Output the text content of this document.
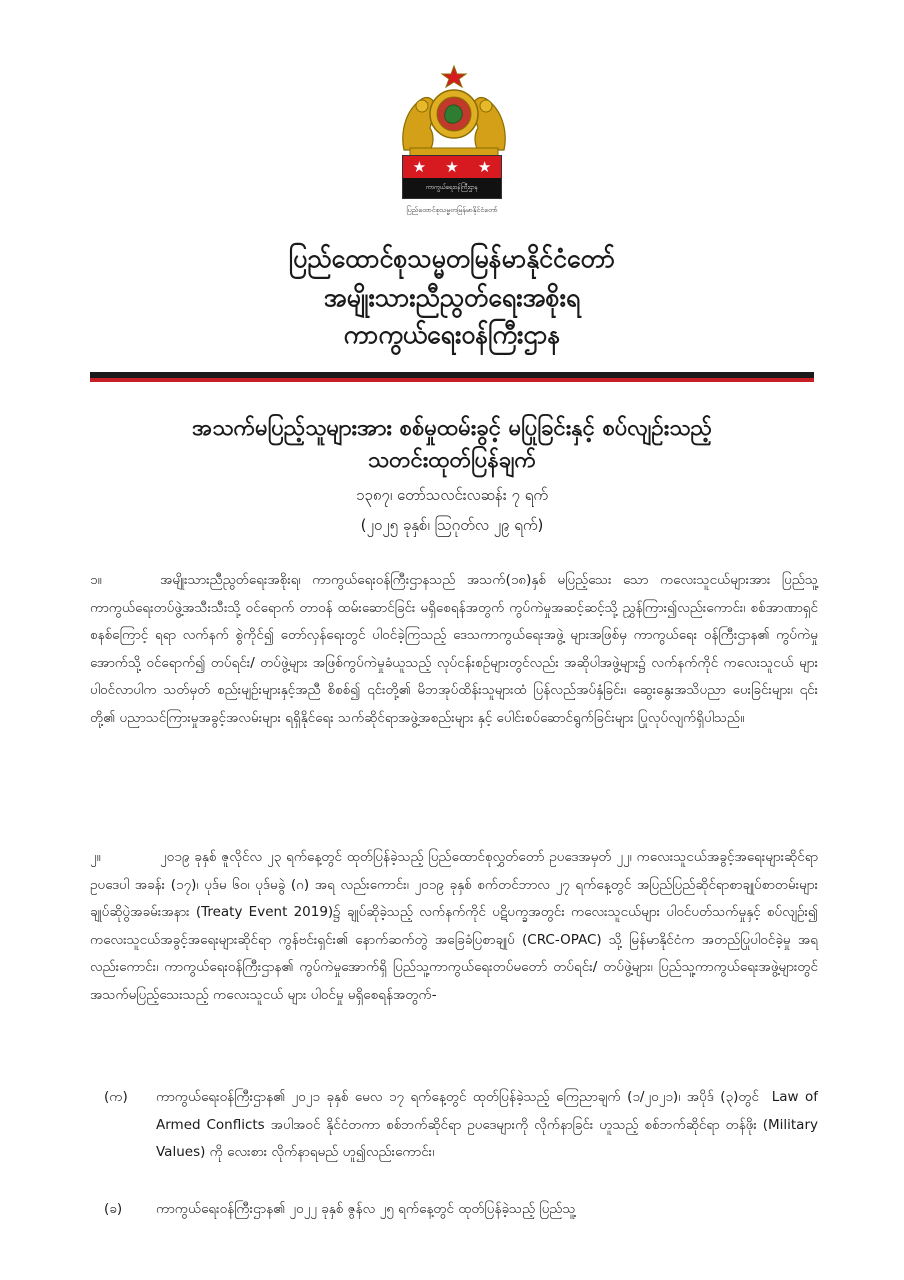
★ ★ ★
ကာကွယ်ရေးဝန်ကြီးဌာန
ပြည်ထောင်စုသမ္မတမြန်မာနိုင်ငံတော်
ပြည်ထောင်စုသမ္မတမြန်မာနိုင်ငံတော်
အမျိုးသားညီညွတ်ရေးအစိုးရ
ကာကွယ်ရေးဝန်ကြီးဌာန
အသက်မပြည့်သူများအား စစ်မှုထမ်းခွင့် မပြုခြင်းနှင့် စပ်လျဉ်းသည့်
သတင်းထုတ်ပြန်ချက်
၁၃၈၇၊ တော်သလင်းလဆန်း ၇ ရက်
(၂၀၂၅ ခုနှစ်၊ ဩဂုတ်လ ၂၉ ရက်)
၁။	အမျိုးသားညီညွတ်ရေးအစိုးရ၊ ကာကွယ်ရေးဝန်ကြီးဌာနသည် အသက်(၁၈)နှစ် မပြည့်သေး သော ကလေးသူငယ်များအား ပြည်သူ့ကာကွယ်ရေးတပ်ဖွဲ့အသီးသီးသို့ ဝင်ရောက် တာဝန် ထမ်းဆောင်ခြင်း မရှိစေရန်အတွက် ကွပ်ကဲမှုအဆင့်ဆင့်သို့ ညွှန်ကြား၍လည်းကောင်း၊ စစ်အာဏာရှင် စနစ်ကြောင့် ရရာ လက်နက် စွဲကိုင်၍ တော်လှန်ရေးတွင် ပါဝင်ခဲ့ကြသည့် ဒေသကာကွယ်ရေးအဖွဲ့ များအဖြစ်မှ ကာကွယ်ရေး ဝန်ကြီးဌာန၏ ကွပ်ကဲမှုအောက်သို့ ဝင်ရောက်၍ တပ်ရင်း/ တပ်ဖွဲ့များ အဖြစ်ကွပ်ကဲမှုခံယူသည့် လုပ်ငန်းစဉ်များတွင်လည်း အဆိုပါအဖွဲ့များ၌ လက်နက်ကိုင် ကလေးသူငယ် များ ပါဝင်လာပါက သတ်မှတ် စည်းမျဉ်းများနှင့်အညီ စိစစ်၍ ၎င်းတို့၏ မိဘအုပ်ထိန်းသူများထံ ပြန်လည်အပ်နှံခြင်း၊ ဆွေးနွေးအသိပညာ ပေးခြင်းများ၊ ၎င်းတို့၏ ပညာသင်ကြားမှုအခွင့်အလမ်းများ ရရှိနိုင်ရေး သက်ဆိုင်ရာအဖွဲ့အစည်းများ နှင့် ပေါင်းစပ်ဆောင်ရွက်ခြင်းများ ပြုလုပ်လျက်ရှိပါသည်။
၂။	၂၀၁၉ ခုနှစ် ဇူလိုင်လ ၂၃ ရက်နေ့တွင် ထုတ်ပြန်ခဲ့သည့် ပြည်ထောင်စုလွှတ်တော် ဥပဒေအမှတ် ၂၂၊ ကလေးသူငယ်အခွင့်အရေးများဆိုင်ရာဥပဒေပါ အခန်း (၁၇)၊ ပုဒ်မ ၆၀၊ ပုဒ်မခွဲ (ဂ) အရ လည်းကောင်း၊ ၂၀၁၉ ခုနှစ် စက်တင်ဘာလ ၂၇ ရက်နေ့တွင် အပြည်ပြည်ဆိုင်ရာစာချုပ်စာတမ်းများ ချုပ်ဆိုပွဲအခမ်းအနား (Treaty Event 2019)၌ ချုပ်ဆိုခဲ့သည့် လက်နက်ကိုင် ပဋိပက္ခအတွင်း ကလေးသူငယ်များ ပါဝင်ပတ်သက်မှုနှင့် စပ်လျဉ်း၍ ကလေးသူငယ်အခွင့်အရေးများဆိုင်ရာ ကွန်ဗင်းရှင်း၏ နောက်ဆက်တွဲ အခြေခံပြစာချုပ် (CRC-OPAC) သို့ မြန်မာနိုင်ငံက အတည်ပြုပါဝင်ခဲ့မှု အရလည်းကောင်း၊ ကာကွယ်ရေးဝန်ကြီးဌာန၏ ကွပ်ကဲမှုအောက်ရှိ ပြည်သူ့ကာကွယ်ရေးတပ်မတော် တပ်ရင်း/ တပ်ဖွဲ့များ၊ ပြည်သူ့ကာကွယ်ရေးအဖွဲ့များတွင် အသက်မပြည့်သေးသည့် ကလေးသူငယ် များ ပါဝင်မှု မရှိစေရန်အတွက်-
(က) ကာကွယ်ရေးဝန်ကြီးဌာန၏ ၂၀၂၁ ခုနှစ် မေလ ၁၇ ရက်နေ့တွင် ထုတ်ပြန်ခဲ့သည့် ကြေညာချက် (၁/၂၀၂၁)၊ အပိုဒ် (၃)တွင်  Law of Armed Conflicts အပါအဝင် နိုင်ငံတကာ စစ်ဘက်ဆိုင်ရာ ဥပဒေများကို လိုက်နာခြင်း ဟူသည့် စစ်ဘက်ဆိုင်ရာ တန်ဖိုး (Military Values) ကို လေးစား လိုက်နာရမည် ဟူ၍လည်းကောင်း၊
(ခ)	ကာကွယ်ရေးဝန်ကြီးဌာန၏ ၂၀၂၂ ခုနှစ် ဇွန်လ ၂၅ ရက်နေ့တွင် ထုတ်ပြန်ခဲ့သည့် ပြည်သူ့
